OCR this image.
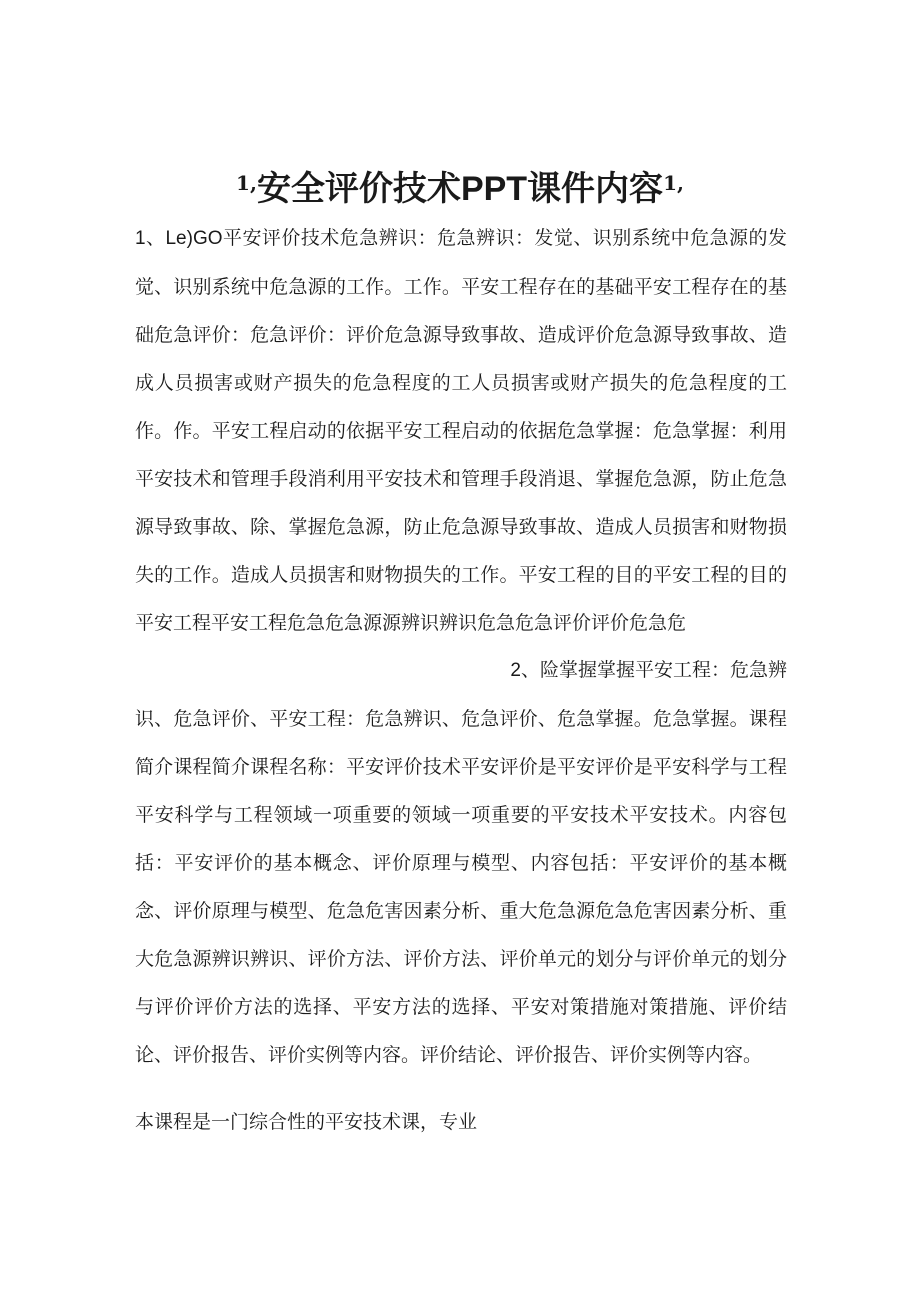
$^{1,}$安全评价技术PPT课件内容$^{1,}$

1、Le)GO平安评价技术危急辨识：危急辨识：发觉、识别系统中危急源的发觉、识别系统中危急源的工作。工作。平安工程存在的基础平安工程存在的基础危急评价：危急评价：评价危急源导致事故、造成评价危急源导致事故、造成人员损害或财产损失的危急程度的工人员损害或财产损失的危急程度的工作。作。平安工程启动的依据平安工程启动的依据危急掌握：危急掌握：利用平安技术和管理手段消利用平安技术和管理手段消退、掌握危急源，防止危急源导致事故、除、掌握危急源，防止危急源导致事故、造成人员损害和财物损失的工作。造成人员损害和财物损失的工作。平安工程的目的平安工程的目的平安工程平安工程危急危急源源辨识辨识危急危急评价评价危急危

2、险掌握掌握平安工程：危急辨
识、危急评价、平安工程：危急辨识、危急评价、危急掌握。危急掌握。课程简介课程简介课程名称：平安评价技术平安评价是平安评价是平安科学与工程平安科学与工程领域一项重要的领域一项重要的平安技术平安技术。内容包括：平安评价的基本概念、评价原理与模型、内容包括：平安评价的基本概念、评价原理与模型、危急危害因素分析、重大危急源危急危害因素分析、重大危急源辨识辨识、评价方法、评价方法、评价单元的划分与评价单元的划分与评价评价方法的选择、平安方法的选择、平安对策措施对策措施、评价结论、评价报告、评价实例等内容。评价结论、评价报告、评价实例等内容。

本课程是一门综合性的平安技术课，专业
